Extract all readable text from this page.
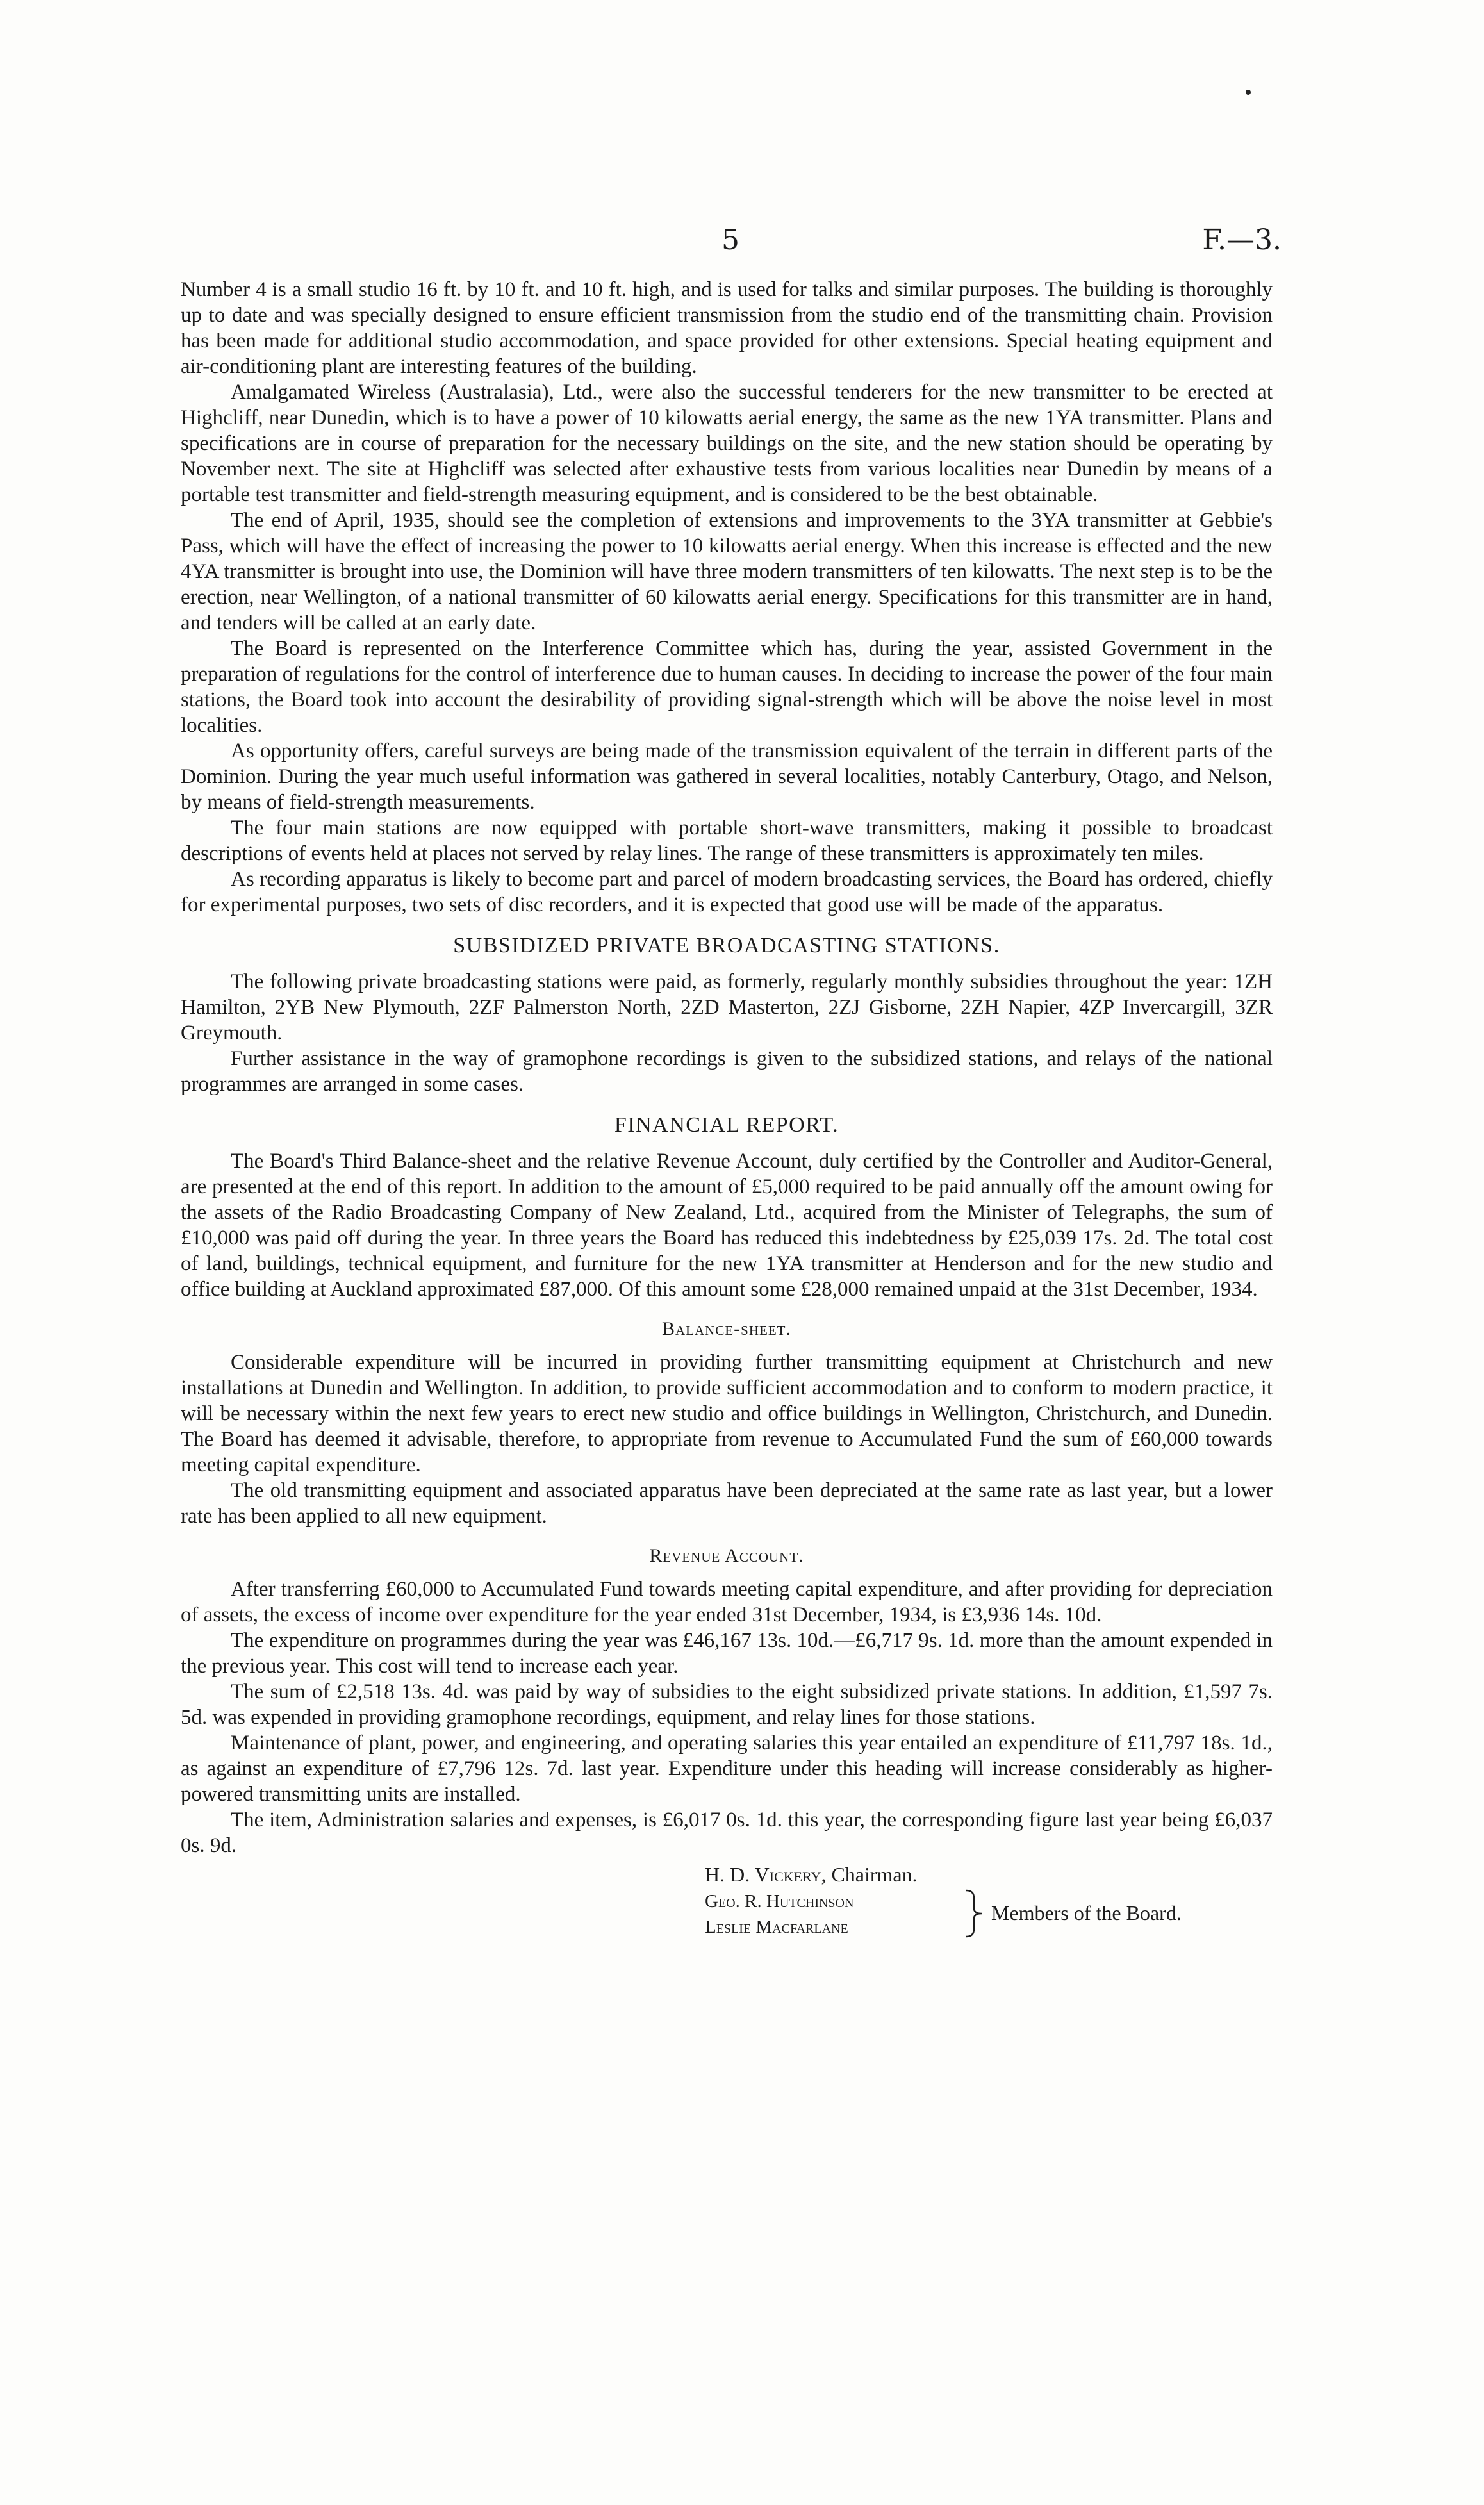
5	F.—3.

Number 4 is a small studio 16 ft. by 10 ft. and 10 ft. high, and is used for talks and similar purposes. The building is thoroughly up to date and was specially designed to ensure efficient transmission from the studio end of the transmitting chain. Provision has been made for additional studio accommodation, and space provided for other extensions. Special heating equipment and air-conditioning plant are interesting features of the building.

Amalgamated Wireless (Australasia), Ltd., were also the successful tenderers for the new transmitter to be erected at Highcliff, near Dunedin, which is to have a power of 10 kilowatts aerial energy, the same as the new 1YA transmitter. Plans and specifications are in course of preparation for the necessary buildings on the site, and the new station should be operating by November next. The site at Highcliff was selected after exhaustive tests from various localities near Dunedin by means of a portable test transmitter and field-strength measuring equipment, and is considered to be the best obtainable.

The end of April, 1935, should see the completion of extensions and improvements to the 3YA transmitter at Gebbie's Pass, which will have the effect of increasing the power to 10 kilowatts aerial energy. When this increase is effected and the new 4YA transmitter is brought into use, the Dominion will have three modern transmitters of ten kilowatts. The next step is to be the erection, near Wellington, of a national transmitter of 60 kilowatts aerial energy. Specifications for this transmitter are in hand, and tenders will be called at an early date.

The Board is represented on the Interference Committee which has, during the year, assisted Government in the preparation of regulations for the control of interference due to human causes. In deciding to increase the power of the four main stations, the Board took into account the desirability of providing signal-strength which will be above the noise level in most localities.

As opportunity offers, careful surveys are being made of the transmission equivalent of the terrain in different parts of the Dominion. During the year much useful information was gathered in several localities, notably Canterbury, Otago, and Nelson, by means of field-strength measurements.

The four main stations are now equipped with portable short-wave transmitters, making it possible to broadcast descriptions of events held at places not served by relay lines. The range of these transmitters is approximately ten miles.

As recording apparatus is likely to become part and parcel of modern broadcasting services, the Board has ordered, chiefly for experimental purposes, two sets of disc recorders, and it is expected that good use will be made of the apparatus.

SUBSIDIZED PRIVATE BROADCASTING STATIONS.

The following private broadcasting stations were paid, as formerly, regularly monthly subsidies throughout the year: 1ZH Hamilton, 2YB New Plymouth, 2ZF Palmerston North, 2ZD Masterton, 2ZJ Gisborne, 2ZH Napier, 4ZP Invercargill, 3ZR Greymouth.

Further assistance in the way of gramophone recordings is given to the subsidized stations, and relays of the national programmes are arranged in some cases.

FINANCIAL REPORT.

The Board's Third Balance-sheet and the relative Revenue Account, duly certified by the Controller and Auditor-General, are presented at the end of this report. In addition to the amount of £5,000 required to be paid annually off the amount owing for the assets of the Radio Broadcasting Company of New Zealand, Ltd., acquired from the Minister of Telegraphs, the sum of £10,000 was paid off during the year. In three years the Board has reduced this indebtedness by £25,039 17s. 2d. The total cost of land, buildings, technical equipment, and furniture for the new 1YA transmitter at Henderson and for the new studio and office building at Auckland approximated £87,000. Of this amount some £28,000 remained unpaid at the 31st December, 1934.

Balance-sheet.

Considerable expenditure will be incurred in providing further transmitting equipment at Christchurch and new installations at Dunedin and Wellington. In addition, to provide sufficient accommodation and to conform to modern practice, it will be necessary within the next few years to erect new studio and office buildings in Wellington, Christchurch, and Dunedin. The Board has deemed it advisable, therefore, to appropriate from revenue to Accumulated Fund the sum of £60,000 towards meeting capital expenditure.

The old transmitting equipment and associated apparatus have been depreciated at the same rate as last year, but a lower rate has been applied to all new equipment.

Revenue Account.

After transferring £60,000 to Accumulated Fund towards meeting capital expenditure, and after providing for depreciation of assets, the excess of income over expenditure for the year ended 31st December, 1934, is £3,936 14s. 10d.

The expenditure on programmes during the year was £46,167 13s. 10d.—£6,717 9s. 1d. more than the amount expended in the previous year. This cost will tend to increase each year.

The sum of £2,518 13s. 4d. was paid by way of subsidies to the eight subsidized private stations. In addition, £1,597 7s. 5d. was expended in providing gramophone recordings, equipment, and relay lines for those stations.

Maintenance of plant, power, and engineering, and operating salaries this year entailed an expenditure of £11,797 18s. 1d., as against an expenditure of £7,796 12s. 7d. last year. Expenditure under this heading will increase considerably as higher-powered transmitting units are installed.

The item, Administration salaries and expenses, is £6,017 0s. 1d. this year, the corresponding figure last year being £6,037 0s. 9d.

H. D. Vickery, Chairman.
Geo. R. Hutchinson
Leslie Macfarlane
Members of the Board.
